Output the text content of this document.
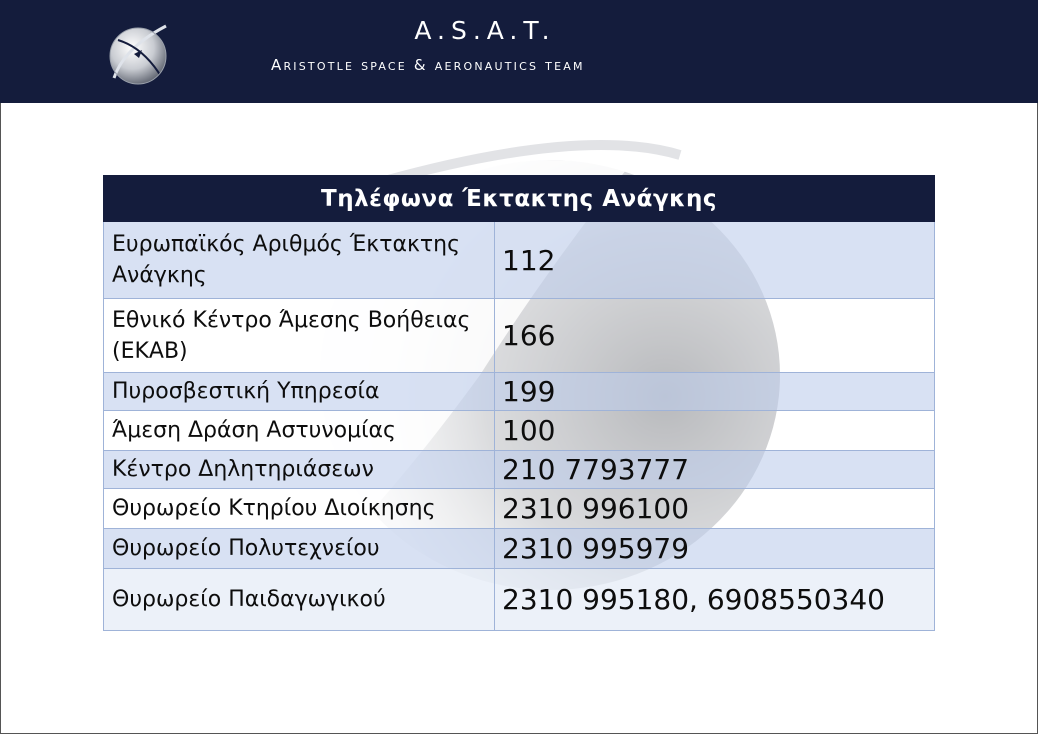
A.S.A.T.
Aristotle space & aeronautics team
Τηλέφωνα Έκτακτης Ανάγκης	
Ευρωπαϊκός Αριθμός Έκτακτης Ανάγκης	112
Εθνικό Κέντρο Άμεσης Βοήθειας (ΕΚΑΒ)	166
Πυροσβεστική Υπηρεσία	199
Άμεση Δράση Αστυνομίας	100
Κέντρο Δηλητηριάσεων	210 7793777
Θυρωρείο Κτηρίου Διοίκησης	2310 996100
Θυρωρείο Πολυτεχνείου	2310 995979
Θυρωρείο Παιδαγωγικού	2310 995180, 6908550340
